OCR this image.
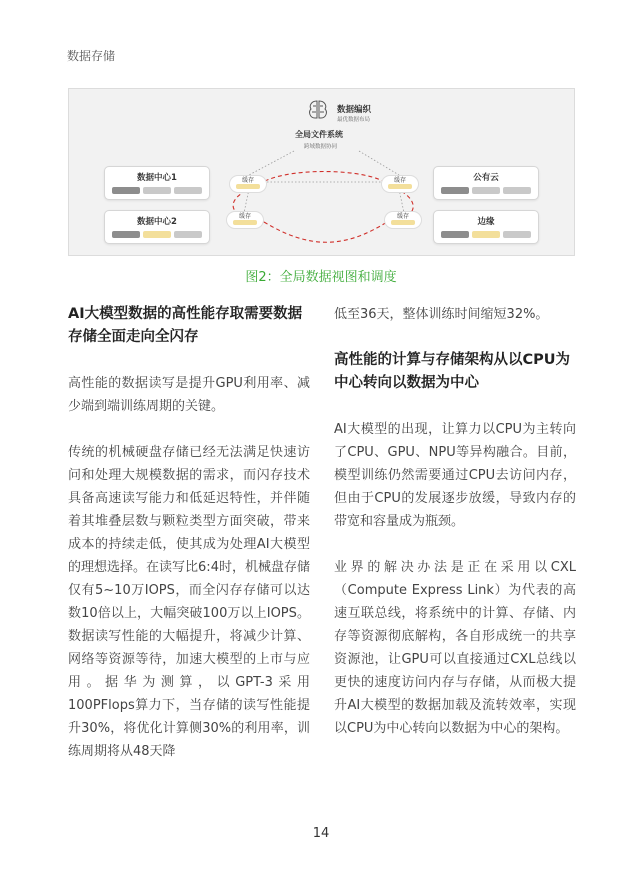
数据存储
数据编织
最优数据布局
全局文件系统
跨域数据协同
数据中心1
数据中心2
公有云
边缘
缓存	缓存
缓存	缓存
图2：全局数据视图和调度

AI大模型数据的高性能存取需要数据存储全面走向全闪存

高性能的数据读写是提升GPU利用率、减少端到端训练周期的关键。

传统的机械硬盘存储已经无法满足快速访问和处理大规模数据的需求，而闪存技术具备高速读写能力和低延迟特性，并伴随着其堆叠层数与颗粒类型方面突破，带来成本的持续走低，使其成为处理AI大模型的理想选择。在读写比6:4时，机械盘存储仅有5~10万IOPS，而全闪存存储可以达数10倍以上，大幅突破100万以上IOPS。数据读写性能的大幅提升，将减少计算、网络等资源等待，加速大模型的上市与应用。据华为测算，以GPT-3采用100PFlops算力下，当存储的读写性能提升30%，将优化计算侧30%的利用率，训练周期将从48天降

低至36天，整体训练时间缩短32%。

高性能的计算与存储架构从以CPU为中心转向以数据为中心

AI大模型的出现，让算力以CPU为主转向了CPU、GPU、NPU等异构融合。目前，模型训练仍然需要通过CPU去访问内存，但由于CPU的发展逐步放缓，导致内存的带宽和容量成为瓶颈。

业界的解决办法是正在采用以CXL（Compute Express Link）为代表的高速互联总线，将系统中的计算、存储、内存等资源彻底解构，各自形成统一的共享资源池，让GPU可以直接通过CXL总线以更快的速度访问内存与存储，从而极大提升AI大模型的数据加载及流转效率，实现以CPU为中心转向以数据为中心的架构。

14
